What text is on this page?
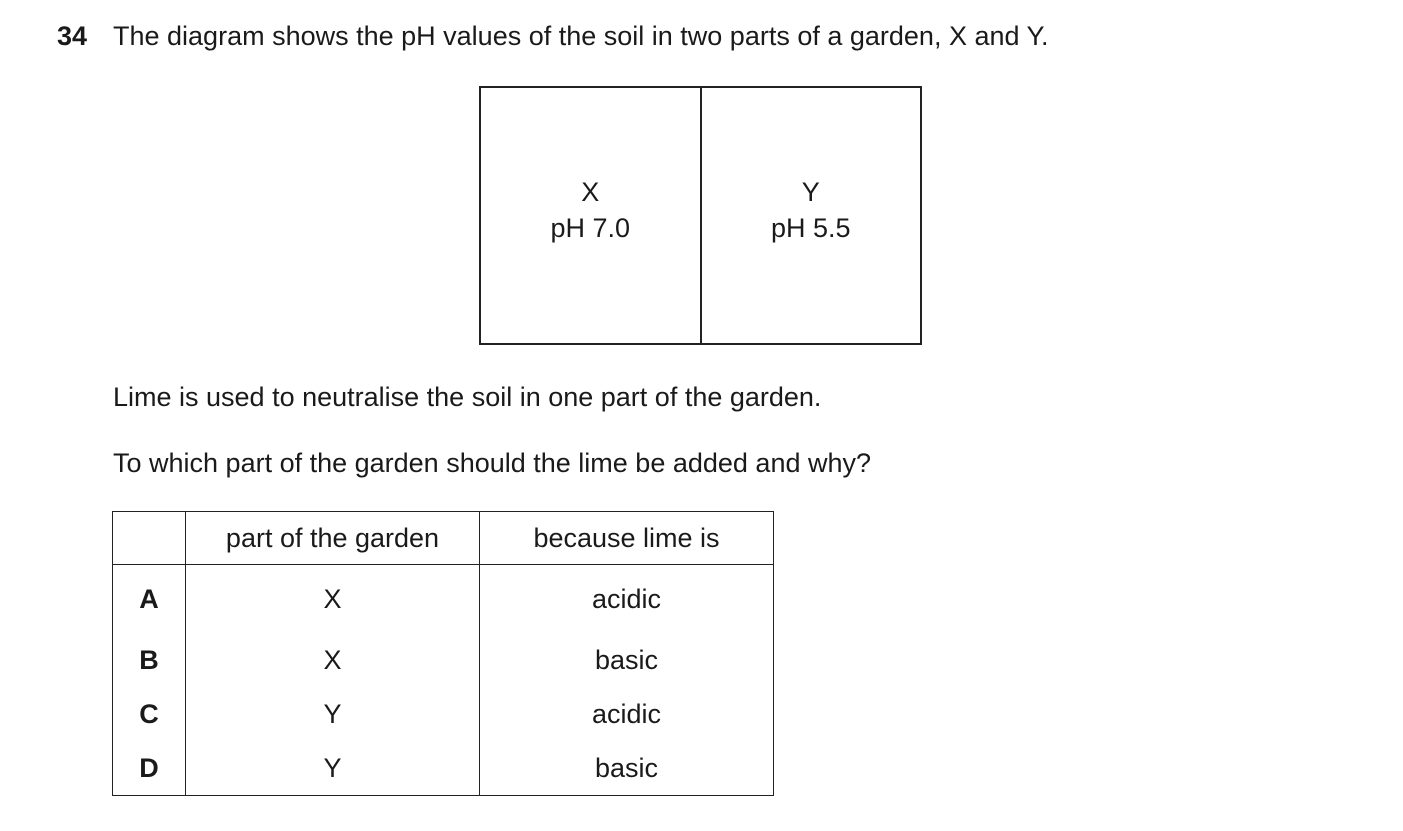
34 The diagram shows the pH values of the soil in two parts of a garden, X and Y.
X
pH 7.0
Y
pH 5.5
Lime is used to neutralise the soil in one part of the garden.
To which part of the garden should the lime be added and why?
	part of the garden	because lime is
A	X	acidic
B	X	basic
C	Y	acidic
D	Y	basic
